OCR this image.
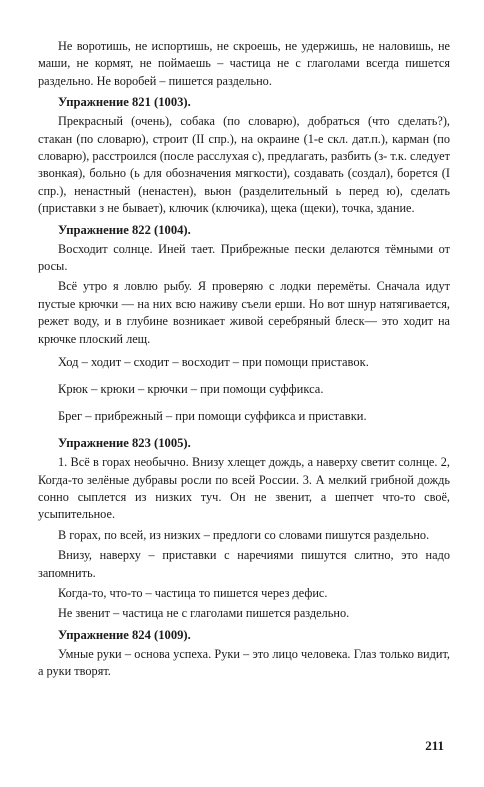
Не воротишь, не испортишь, не скроешь, не удержишь, не наловишь, не маши, не кормят, не поймаешь – частица не с глаголами всегда пишется раздельно. Не воробей – пишется раздельно.

Упражнение 821 (1003).

Прекрасный (очень), собака (по словарю), добраться (что сделать?), стакан (по словарю), строит (II спр.), на окраине (1-е скл. дат.п.), карман (по словарю), расстроился (после расслухая с), предлагать, разбить (з- т.к. следует звонкая), больно (ь для обозначения мягкости), создавать (создал), борется (I спр.), ненастный (ненастен), вьюн (разделительный ь перед ю), сделать (приставки з не бывает), ключик (ключика), щека (щеки), точка, здание.

Упражнение 822 (1004).

Восходит солнце. Иней тает. Прибрежные пески делаются тёмными от росы.

Всё утро я ловлю рыбу. Я проверяю с лодки перемёты. Сначала идут пустые крючки — на них всю наживу съели ерши. Но вот шнур натягивается, режет воду, и в глубине возникает живой серебряный блеск— это ходит на крючке плоский лещ.

Ход – ходит – сходит – восходит – при помощи приставок.
Крюк – крюки – крючки – при помощи суффикса.
Брег – прибрежный – при помощи суффикса и приставки.
Упражнение 823 (1005).

1. Всё в горах необычно. Внизу хлещет дождь, а наверху светит солнце. 2, Когда-то зелёные дубравы росли по всей России. 3. А мелкий грибной дождь сонно сыплется из низких туч. Он не звенит, а шепчет что-то своё, усыпительное.

В горах, по всей, из низких – предлоги со словами пишутся раздельно.

Внизу, наверху – приставки с наречиями пишутся слитно, это надо запомнить.

Когда-то, что-то – частица то пишется через дефис.

Не звенит – частица не с глаголами пишется раздельно.

Упражнение 824 (1009).

Умные руки – основа успеха. Руки – это лицо человека. Глаз только видит, а руки творят.

211
